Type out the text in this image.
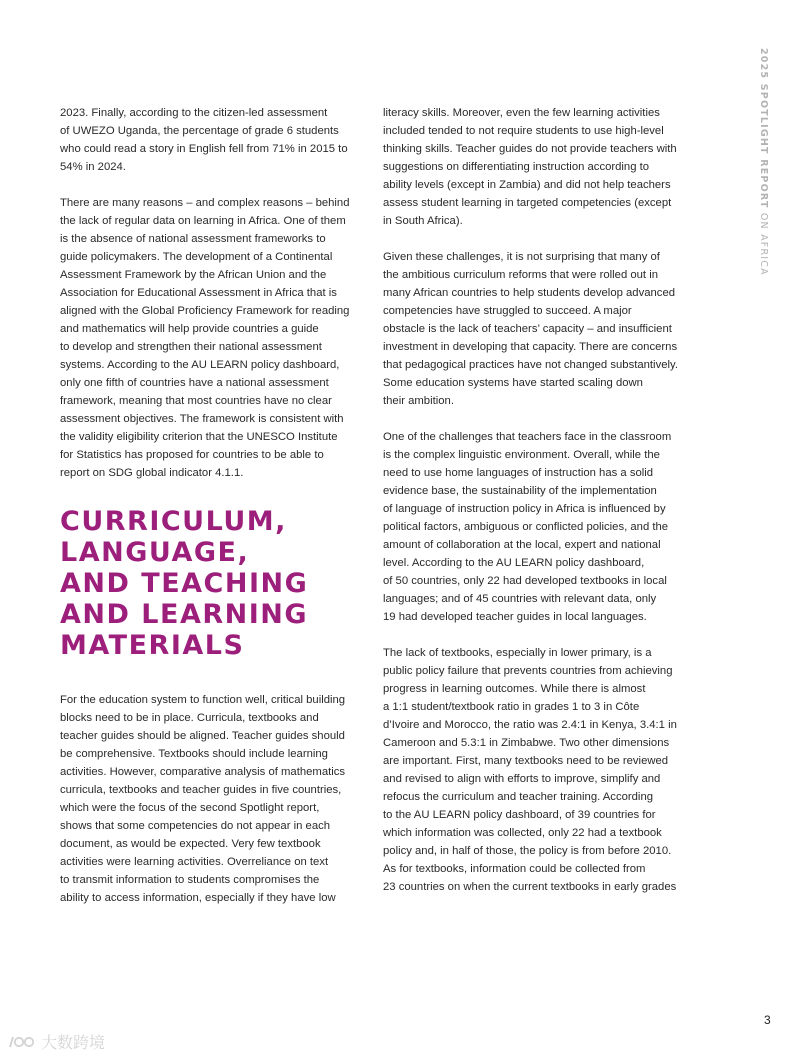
2023. Finally, according to the citizen-led assessment
of UWEZO Uganda, the percentage of grade 6 students
who could read a story in English fell from 71% in 2015 to
54% in 2024.

There are many reasons – and complex reasons – behind
the lack of regular data on learning in Africa. One of them
is the absence of national assessment frameworks to
guide policymakers. The development of a Continental
Assessment Framework by the African Union and the
Association for Educational Assessment in Africa that is
aligned with the Global Proficiency Framework for reading
and mathematics will help provide countries a guide
to develop and strengthen their national assessment
systems. According to the AU LEARN policy dashboard,
only one fifth of countries have a national assessment
framework, meaning that most countries have no clear
assessment objectives. The framework is consistent with
the validity eligibility criterion that the UNESCO Institute
for Statistics has proposed for countries to be able to
report on SDG global indicator 4.1.1.

CURRICULUM,
LANGUAGE,
AND TEACHING
AND LEARNING
MATERIALS

For the education system to function well, critical building
blocks need to be in place. Curricula, textbooks and
teacher guides should be aligned. Teacher guides should
be comprehensive. Textbooks should include learning
activities. However, comparative analysis of mathematics
curricula, textbooks and teacher guides in five countries,
which were the focus of the second Spotlight report,
shows that some competencies do not appear in each
document, as would be expected. Very few textbook
activities were learning activities. Overreliance on text
to transmit information to students compromises the
ability to access information, especially if they have low

literacy skills. Moreover, even the few learning activities
included tended to not require students to use high-level
thinking skills. Teacher guides do not provide teachers with
suggestions on differentiating instruction according to
ability levels (except in Zambia) and did not help teachers
assess student learning in targeted competencies (except
in South Africa).

Given these challenges, it is not surprising that many of
the ambitious curriculum reforms that were rolled out in
many African countries to help students develop advanced
competencies have struggled to succeed. A major
obstacle is the lack of teachers’ capacity – and insufficient
investment in developing that capacity. There are concerns
that pedagogical practices have not changed substantively.
Some education systems have started scaling down
their ambition.

One of the challenges that teachers face in the classroom
is the complex linguistic environment. Overall, while the
need to use home languages of instruction has a solid
evidence base, the sustainability of the implementation
of language of instruction policy in Africa is influenced by
political factors, ambiguous or conflicted policies, and the
amount of collaboration at the local, expert and national
level. According to the AU LEARN policy dashboard,
of 50 countries, only 22 had developed textbooks in local
languages; and of 45 countries with relevant data, only
19 had developed teacher guides in local languages.

The lack of textbooks, especially in lower primary, is a
public policy failure that prevents countries from achieving
progress in learning outcomes. While there is almost
a 1:1 student/textbook ratio in grades 1 to 3 in Côte
d’Ivoire and Morocco, the ratio was 2.4:1 in Kenya, 3.4:1 in
Cameroon and 5.3:1 in Zimbabwe. Two other dimensions
are important. First, many textbooks need to be reviewed
and revised to align with efforts to improve, simplify and
refocus the curriculum and teacher training. According
to the AU LEARN policy dashboard, of 39 countries for
which information was collected, only 22 had a textbook
policy and, in half of those, the policy is from before 2010.
As for textbooks, information could be collected from
23 countries on when the current textbooks in early grades

2025 SPOTLIGHT REPORT ON AFRICA
3
大数跨境
